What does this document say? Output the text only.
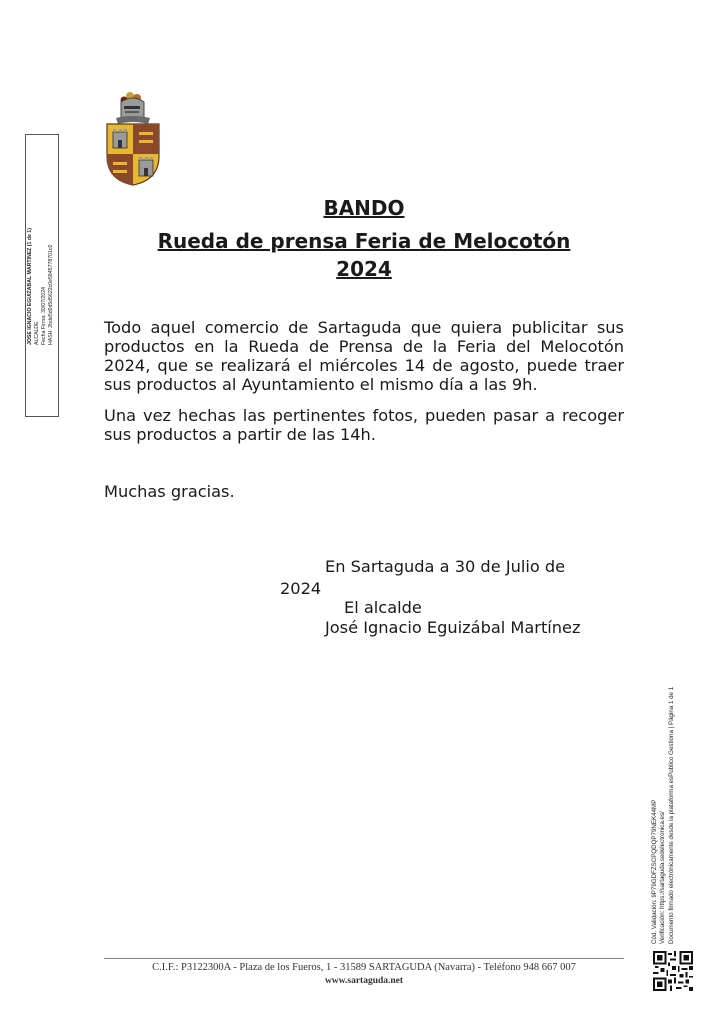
JOSE IGNACIO EGUIZABAL MARTINEZ (1 de 1) ALCALDE Fecha Firma: 30/07/2024 HASH: 2bde5d0d5d5622c0e5845778701c0
BANDO
Rueda de prensa Feria de Melocotón
2024
Todo aquel comercio de Sartaguda que quiera publicitar sus productos en la Rueda de Prensa de la Feria del Melocotón 2024, que se realizará el miércoles 14 de agosto, puede traer sus productos al Ayuntamiento el mismo día a las 9h.
Una vez hechas las pertinentes fotos, pueden pasar a recoger sus productos a partir de las 14h.
Muchas gracias.
En Sartaguda a 30 de Julio de
2024
El alcalde
José Ignacio Eguizábal Martínez
Cód. Validación: 9P79GDFZSCPQDQP79NEK44MP Verificación: https://sartaguda.sedelectronica.es/ Documento firmado electrónicamente desde la plataforma esPublico Gestiona | Página 1 de 1
C.I.F.: P3122300A - Plaza de los Fueros, 1 - 31589 SARTAGUDA (Navarra) - Teléfono 948 667 007
www.sartaguda.net
